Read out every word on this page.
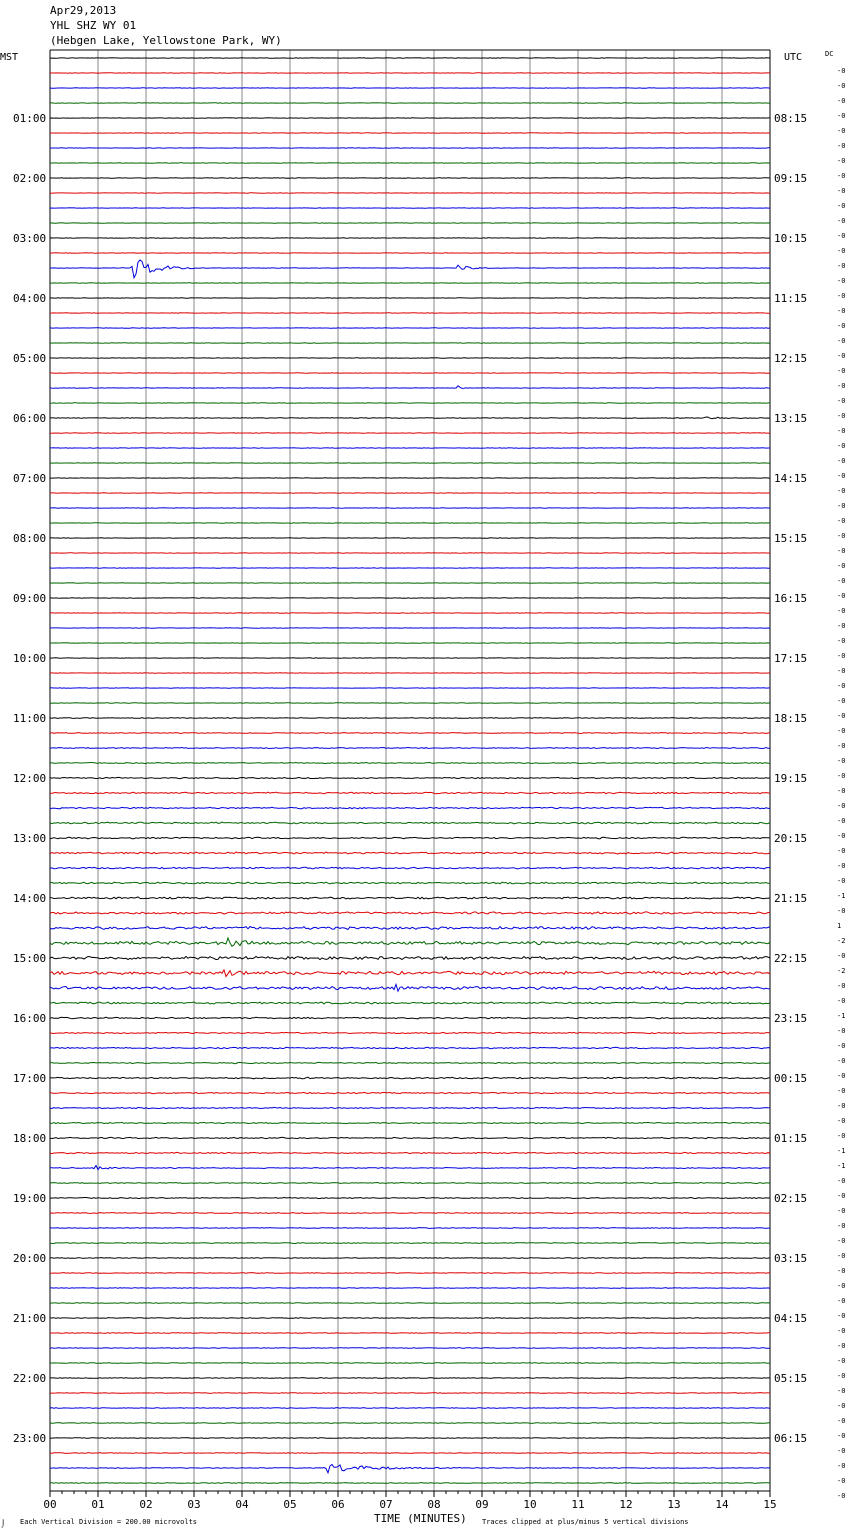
Apr29,2013
YHL SHZ WY 01
(Hebgen Lake, Yellowstone Park, WY)
01:00
02:00
03:00
04:00
05:00
06:00
07:00
08:00
09:00
10:00
11:00
12:00
13:00
14:00
15:00
16:00
17:00
18:00
19:00
20:00
21:00
22:00
23:00
08:15
09:15
10:15
11:15
12:15
13:15
14:15
15:15
16:15
17:15
18:15
19:15
20:15
21:15
22:15
23:15
00:15
01:15
02:15
03:15
04:15
05:15
06:15
-0
-0
-0
-0
-0
-0
-0
-0
-0
-0
-0
-0
-0
-0
-0
-0
-0
-0
-0
-0
-0
-0
-0
-0
-0
-0
-0
-0
-0
-0
-0
-0
-0
-0
-0
-0
-0
-0
-0
-0
-0
-0
-0
-0
-0
-0
-0
-0
-0
-0
-0
-0
-0
-0
-0
-1
-0
1
-2
-0
-2
-0
-0
-1
-0
-0
-0
-0
-0
-0
-0
-0
-1
-1
-0
-0
-0
-0
-0
-0
-0
-0
-0
-0
-0
-0
-0
-0
-0
-0
-0
-0
-0
-0
-0
-0
00	01	02	03	04	05	06	07	08	09	10	11	12	13	14	15
MST	UTC	DC
TIME (MINUTES)
Each Vertical Division = 200.00 microvolts	Traces clipped at plus/minus 5 vertical divisions
⌡
